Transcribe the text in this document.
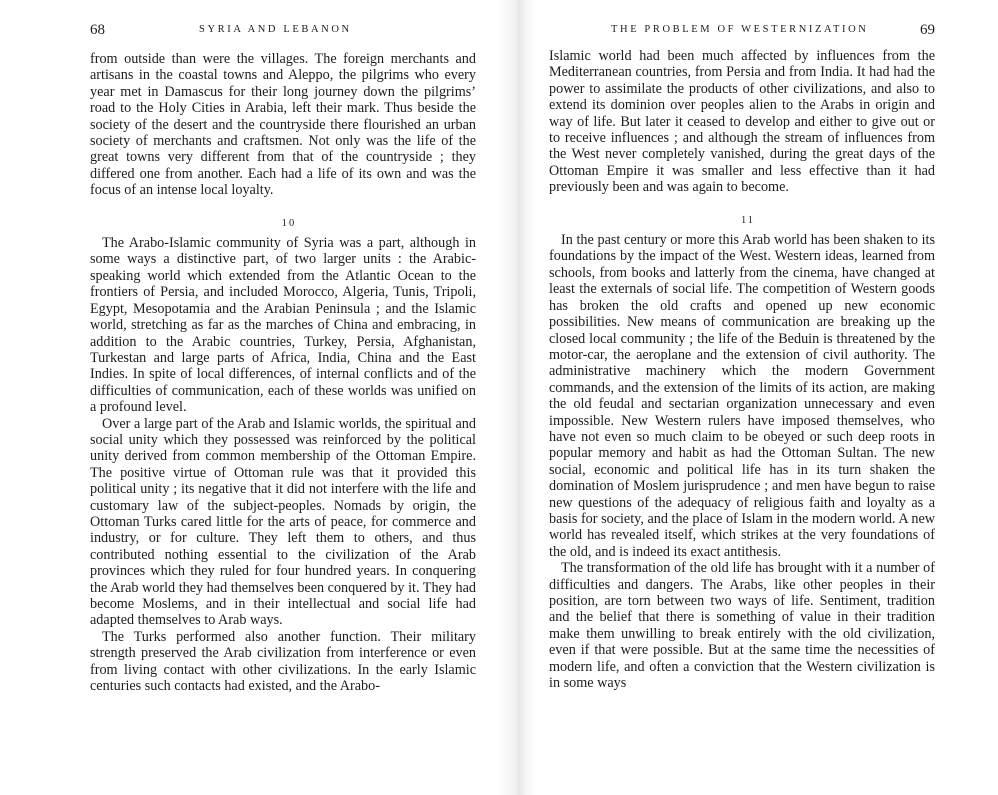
68	SYRIA AND LEBANON

from outside than were the villages. The foreign merchants and artisans in the coastal towns and Aleppo, the pilgrims who every year met in Damascus for their long journey down the pilgrims’ road to the Holy Cities in Arabia, left their mark. Thus beside the society of the desert and the countryside there flourished an urban society of merchants and craftsmen. Not only was the life of the great towns very different from that of the countryside ; they differed one from another. Each had a life of its own and was the focus of an intense local loyalty.

10

The Arabo-Islamic community of Syria was a part, although in some ways a distinctive part, of two larger units : the Arabic-speaking world which extended from the Atlantic Ocean to the frontiers of Persia, and included Morocco, Algeria, Tunis, Tripoli, Egypt, Mesopotamia and the Arabian Peninsula ; and the Islamic world, stretching as far as the marches of China and embracing, in addition to the Arabic countries, Turkey, Persia, Afghanistan, Turkestan and large parts of Africa, India, China and the East Indies. In spite of local differences, of internal conflicts and of the difficulties of communication, each of these worlds was unified on a profound level.

Over a large part of the Arab and Islamic worlds, the spiritual and social unity which they possessed was reinforced by the political unity derived from common membership of the Ottoman Empire. The positive virtue of Ottoman rule was that it provided this political unity ; its negative that it did not interfere with the life and customary law of the subject-peoples. Nomads by origin, the Ottoman Turks cared little for the arts of peace, for commerce and industry, or for culture. They left them to others, and thus contributed nothing essential to the civilization of the Arab provinces which they ruled for four hundred years. In conquering the Arab world they had themselves been conquered by it. They had become Moslems, and in their intellectual and social life had adapted themselves to Arab ways.

The Turks performed also another function. Their military strength preserved the Arab civilization from interference or even from living contact with other civilizations. In the early Islamic centuries such contacts had existed, and the Arabo-

THE PROBLEM OF WESTERNIZATION	69

Islamic world had been much affected by influences from the Mediterranean countries, from Persia and from India. It had had the power to assimilate the products of other civilizations, and also to extend its dominion over peoples alien to the Arabs in origin and way of life. But later it ceased to develop and either to give out or to receive influences ; and although the stream of influences from the West never completely vanished, during the great days of the Ottoman Empire it was smaller and less effective than it had previously been and was again to become.

11

In the past century or more this Arab world has been shaken to its foundations by the impact of the West. Western ideas, learned from schools, from books and latterly from the cinema, have changed at least the externals of social life. The competition of Western goods has broken the old crafts and opened up new economic possibilities. New means of communication are breaking up the closed local community ; the life of the Beduin is threatened by the motor-car, the aeroplane and the extension of civil authority. The administrative machinery which the modern Government commands, and the extension of the limits of its action, are making the old feudal and sectarian organization unnecessary and even impossible. New Western rulers have imposed themselves, who have not even so much claim to be obeyed or such deep roots in popular memory and habit as had the Ottoman Sultan. The new social, economic and political life has in its turn shaken the domination of Moslem jurisprudence ; and men have begun to raise new questions of the adequacy of religious faith and loyalty as a basis for society, and the place of Islam in the modern world. A new world has revealed itself, which strikes at the very foundations of the old, and is indeed its exact antithesis.

The transformation of the old life has brought with it a number of difficulties and dangers. The Arabs, like other peoples in their position, are torn between two ways of life. Sentiment, tradition and the belief that there is something of value in their tradition make them unwilling to break entirely with the old civilization, even if that were possible. But at the same time the necessities of modern life, and often a conviction that the Western civilization is in some ways
